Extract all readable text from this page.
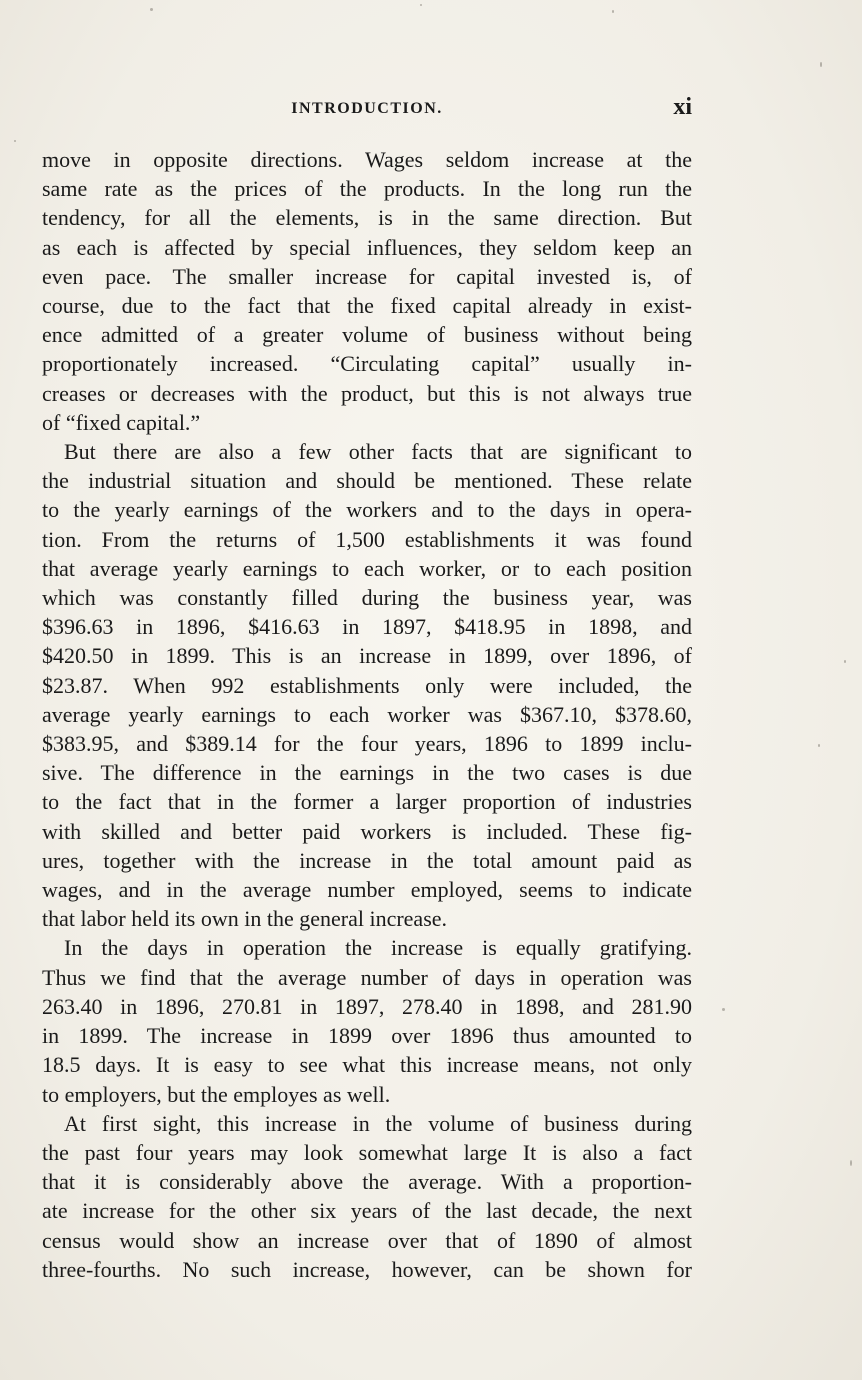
INTRODUCTION.	xi
move in opposite directions. Wages seldom increase at the
same rate as the prices of the products. In the long run the
tendency, for all the elements, is in the same direction. But
as each is affected by special influences, they seldom keep an
even pace. The smaller increase for capital invested is, of
course, due to the fact that the fixed capital already in exist-
ence admitted of a greater volume of business without being
proportionately increased. “Circulating capital” usually in-
creases or decreases with the product, but this is not always true
of “fixed capital.”
But there are also a few other facts that are significant to
the industrial situation and should be mentioned. These relate
to the yearly earnings of the workers and to the days in opera-
tion. From the returns of 1,500 establishments it was found
that average yearly earnings to each worker, or to each position
which was constantly filled during the business year, was
$396.63 in 1896, $416.63 in 1897, $418.95 in 1898, and
$420.50 in 1899. This is an increase in 1899, over 1896, of
$23.87. When 992 establishments only were included, the
average yearly earnings to each worker was $367.10, $378.60,
$383.95, and $389.14 for the four years, 1896 to 1899 inclu-
sive. The difference in the earnings in the two cases is due
to the fact that in the former a larger proportion of industries
with skilled and better paid workers is included. These fig-
ures, together with the increase in the total amount paid as
wages, and in the average number employed, seems to indicate
that labor held its own in the general increase.
In the days in operation the increase is equally gratifying.
Thus we find that the average number of days in operation was
263.40 in 1896, 270.81 in 1897, 278.40 in 1898, and 281.90
in 1899. The increase in 1899 over 1896 thus amounted to
18.5 days. It is easy to see what this increase means, not only
to employers, but the employes as well.
At first sight, this increase in the volume of business during
the past four years may look somewhat large It is also a fact
that it is considerably above the average. With a proportion-
ate increase for the other six years of the last decade, the next
census would show an increase over that of 1890 of almost
three-fourths. No such increase, however, can be shown for
